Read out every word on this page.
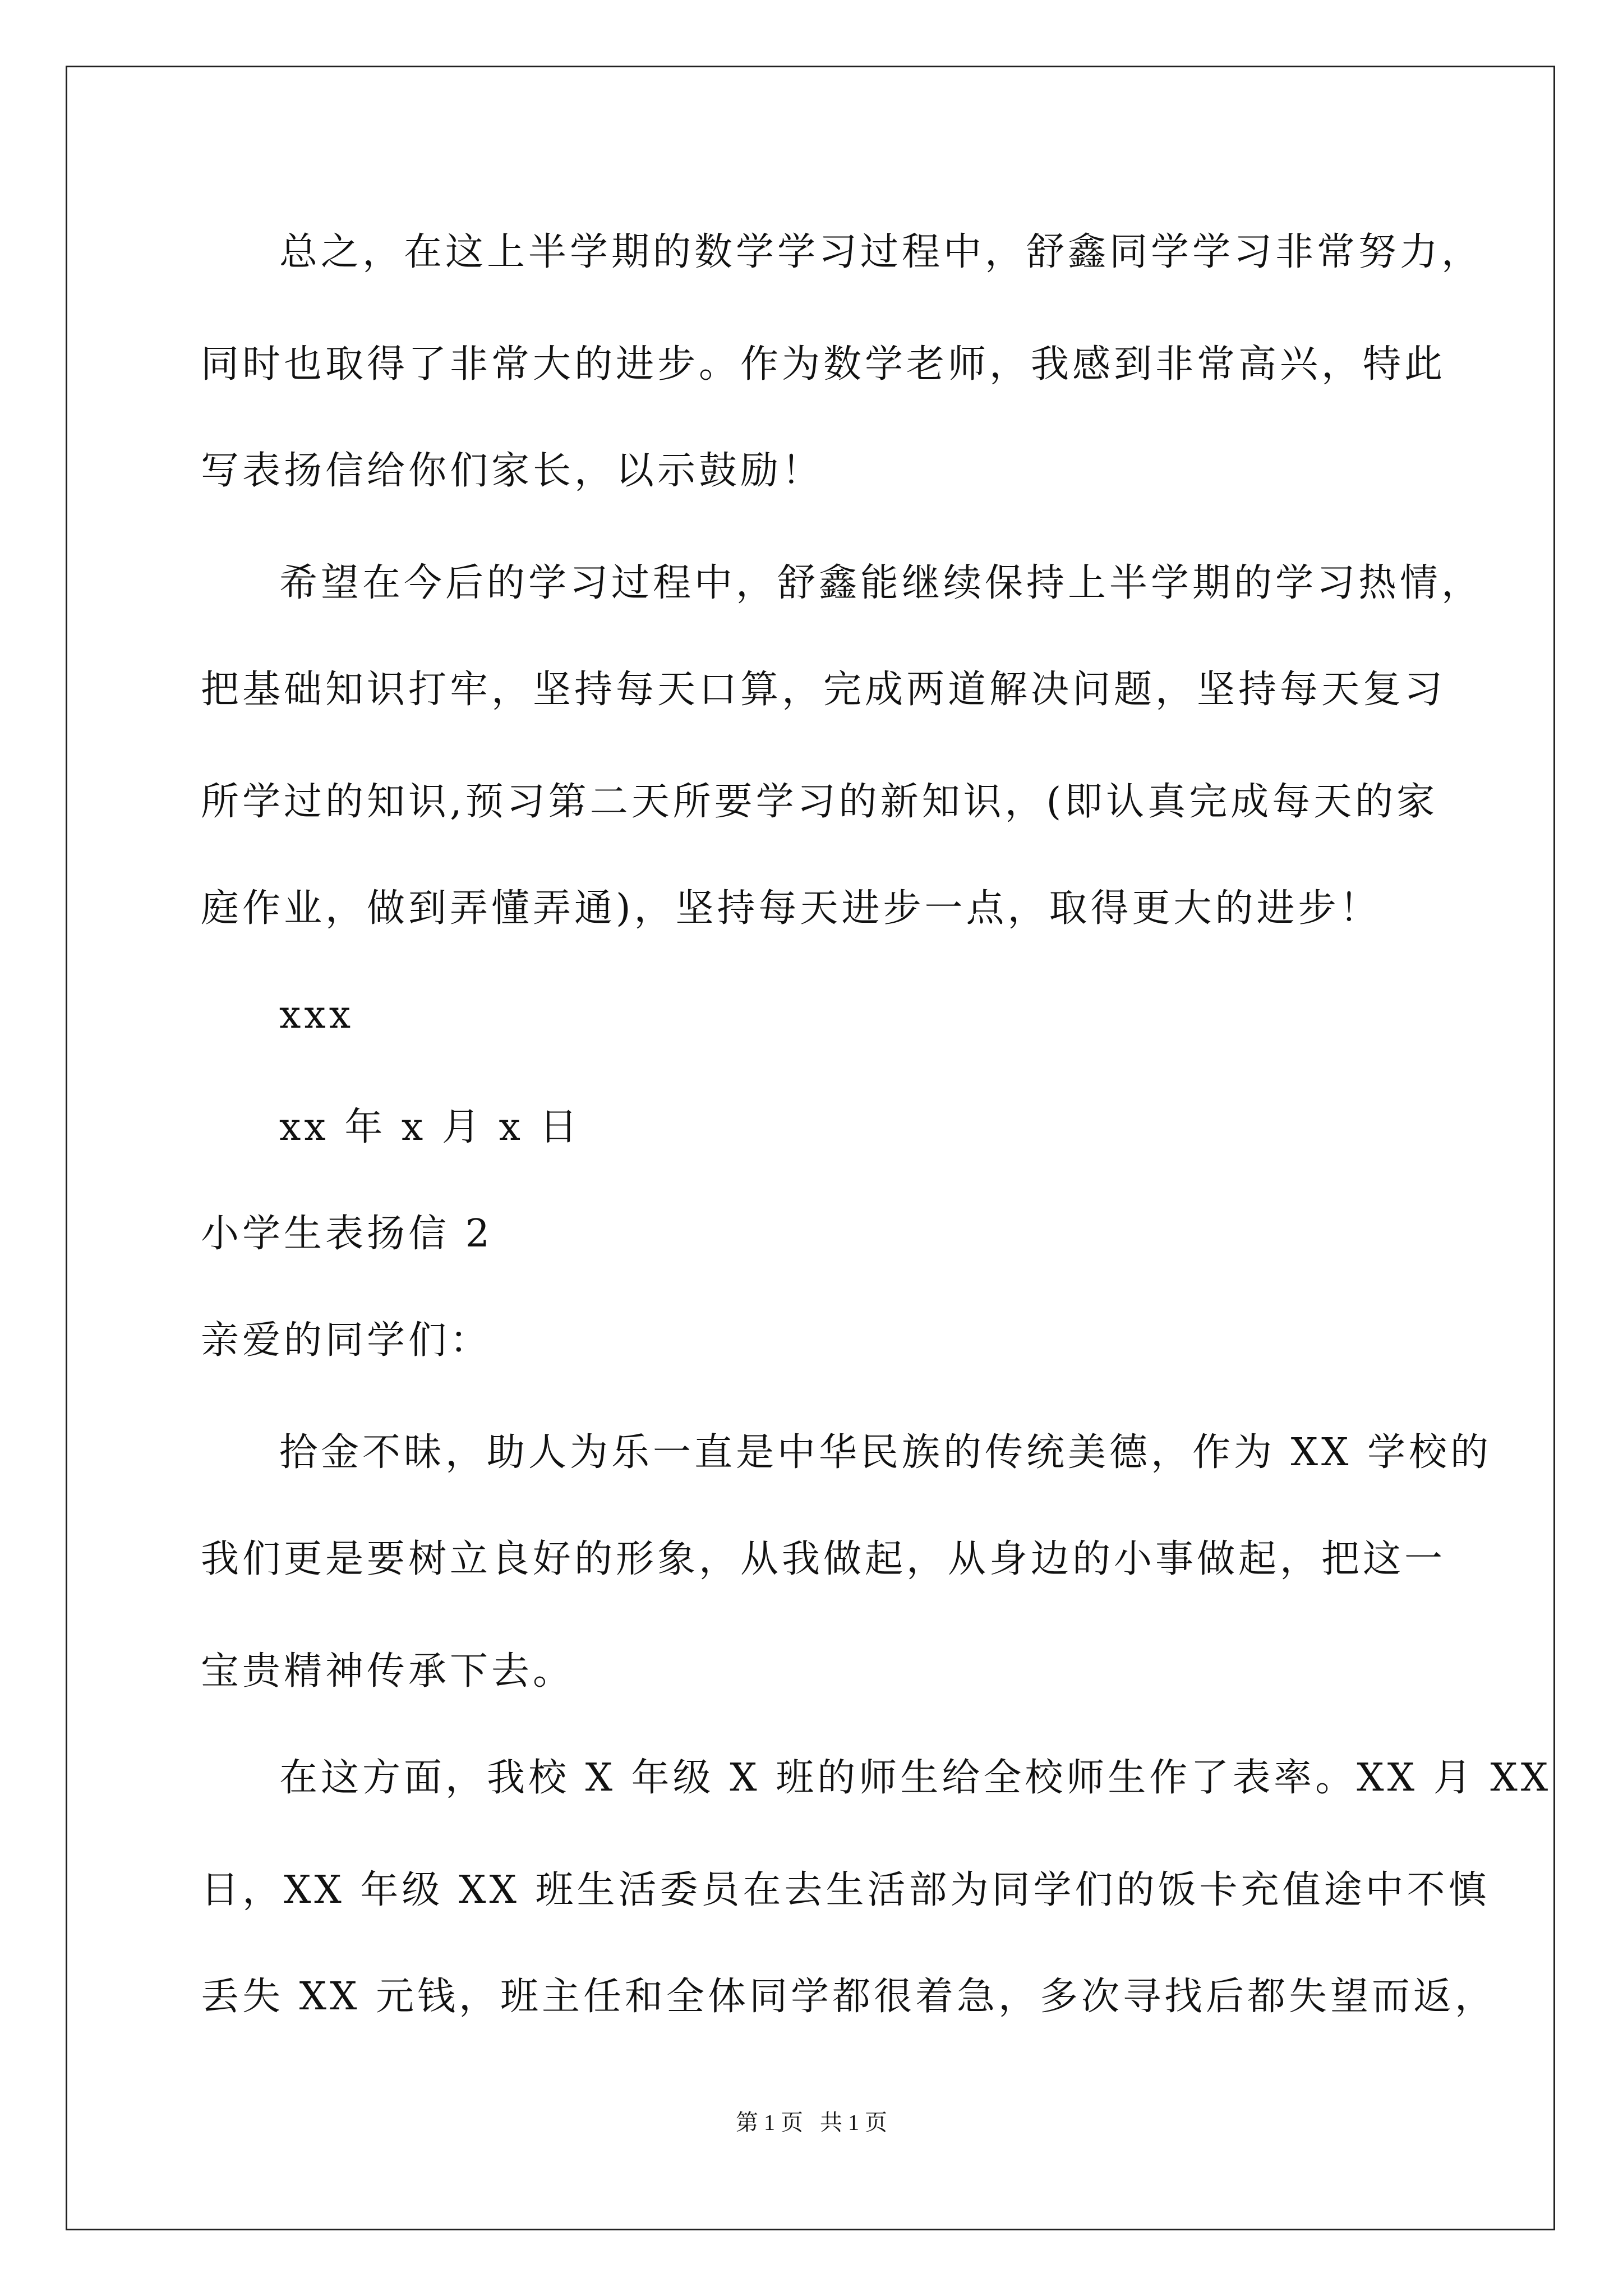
总之，在这上半学期的数学学习过程中，舒鑫同学学习非常努力，
同时也取得了非常大的进步。作为数学老师，我感到非常高兴，特此
写表扬信给你们家长，以示鼓励！
希望在今后的学习过程中，舒鑫能继续保持上半学期的学习热情，
把基础知识打牢，坚持每天口算，完成两道解决问题，坚持每天复习
所学过的知识,预习第二天所要学习的新知识，(即认真完成每天的家
庭作业，做到弄懂弄通)，坚持每天进步一点，取得更大的进步！
xxx
xx 年 x 月 x 日
小学生表扬信 2
亲爱的同学们：
拾金不昧，助人为乐一直是中华民族的传统美德，作为 XX 学校的
我们更是要树立良好的形象，从我做起，从身边的小事做起，把这一
宝贵精神传承下去。
在这方面，我校 X 年级 X 班的师生给全校师生作了表率。XX 月 XX
日，XX 年级 XX 班生活委员在去生活部为同学们的饭卡充值途中不慎
丢失 XX 元钱，班主任和全体同学都很着急，多次寻找后都失望而返，
第 1 页   共 1 页
